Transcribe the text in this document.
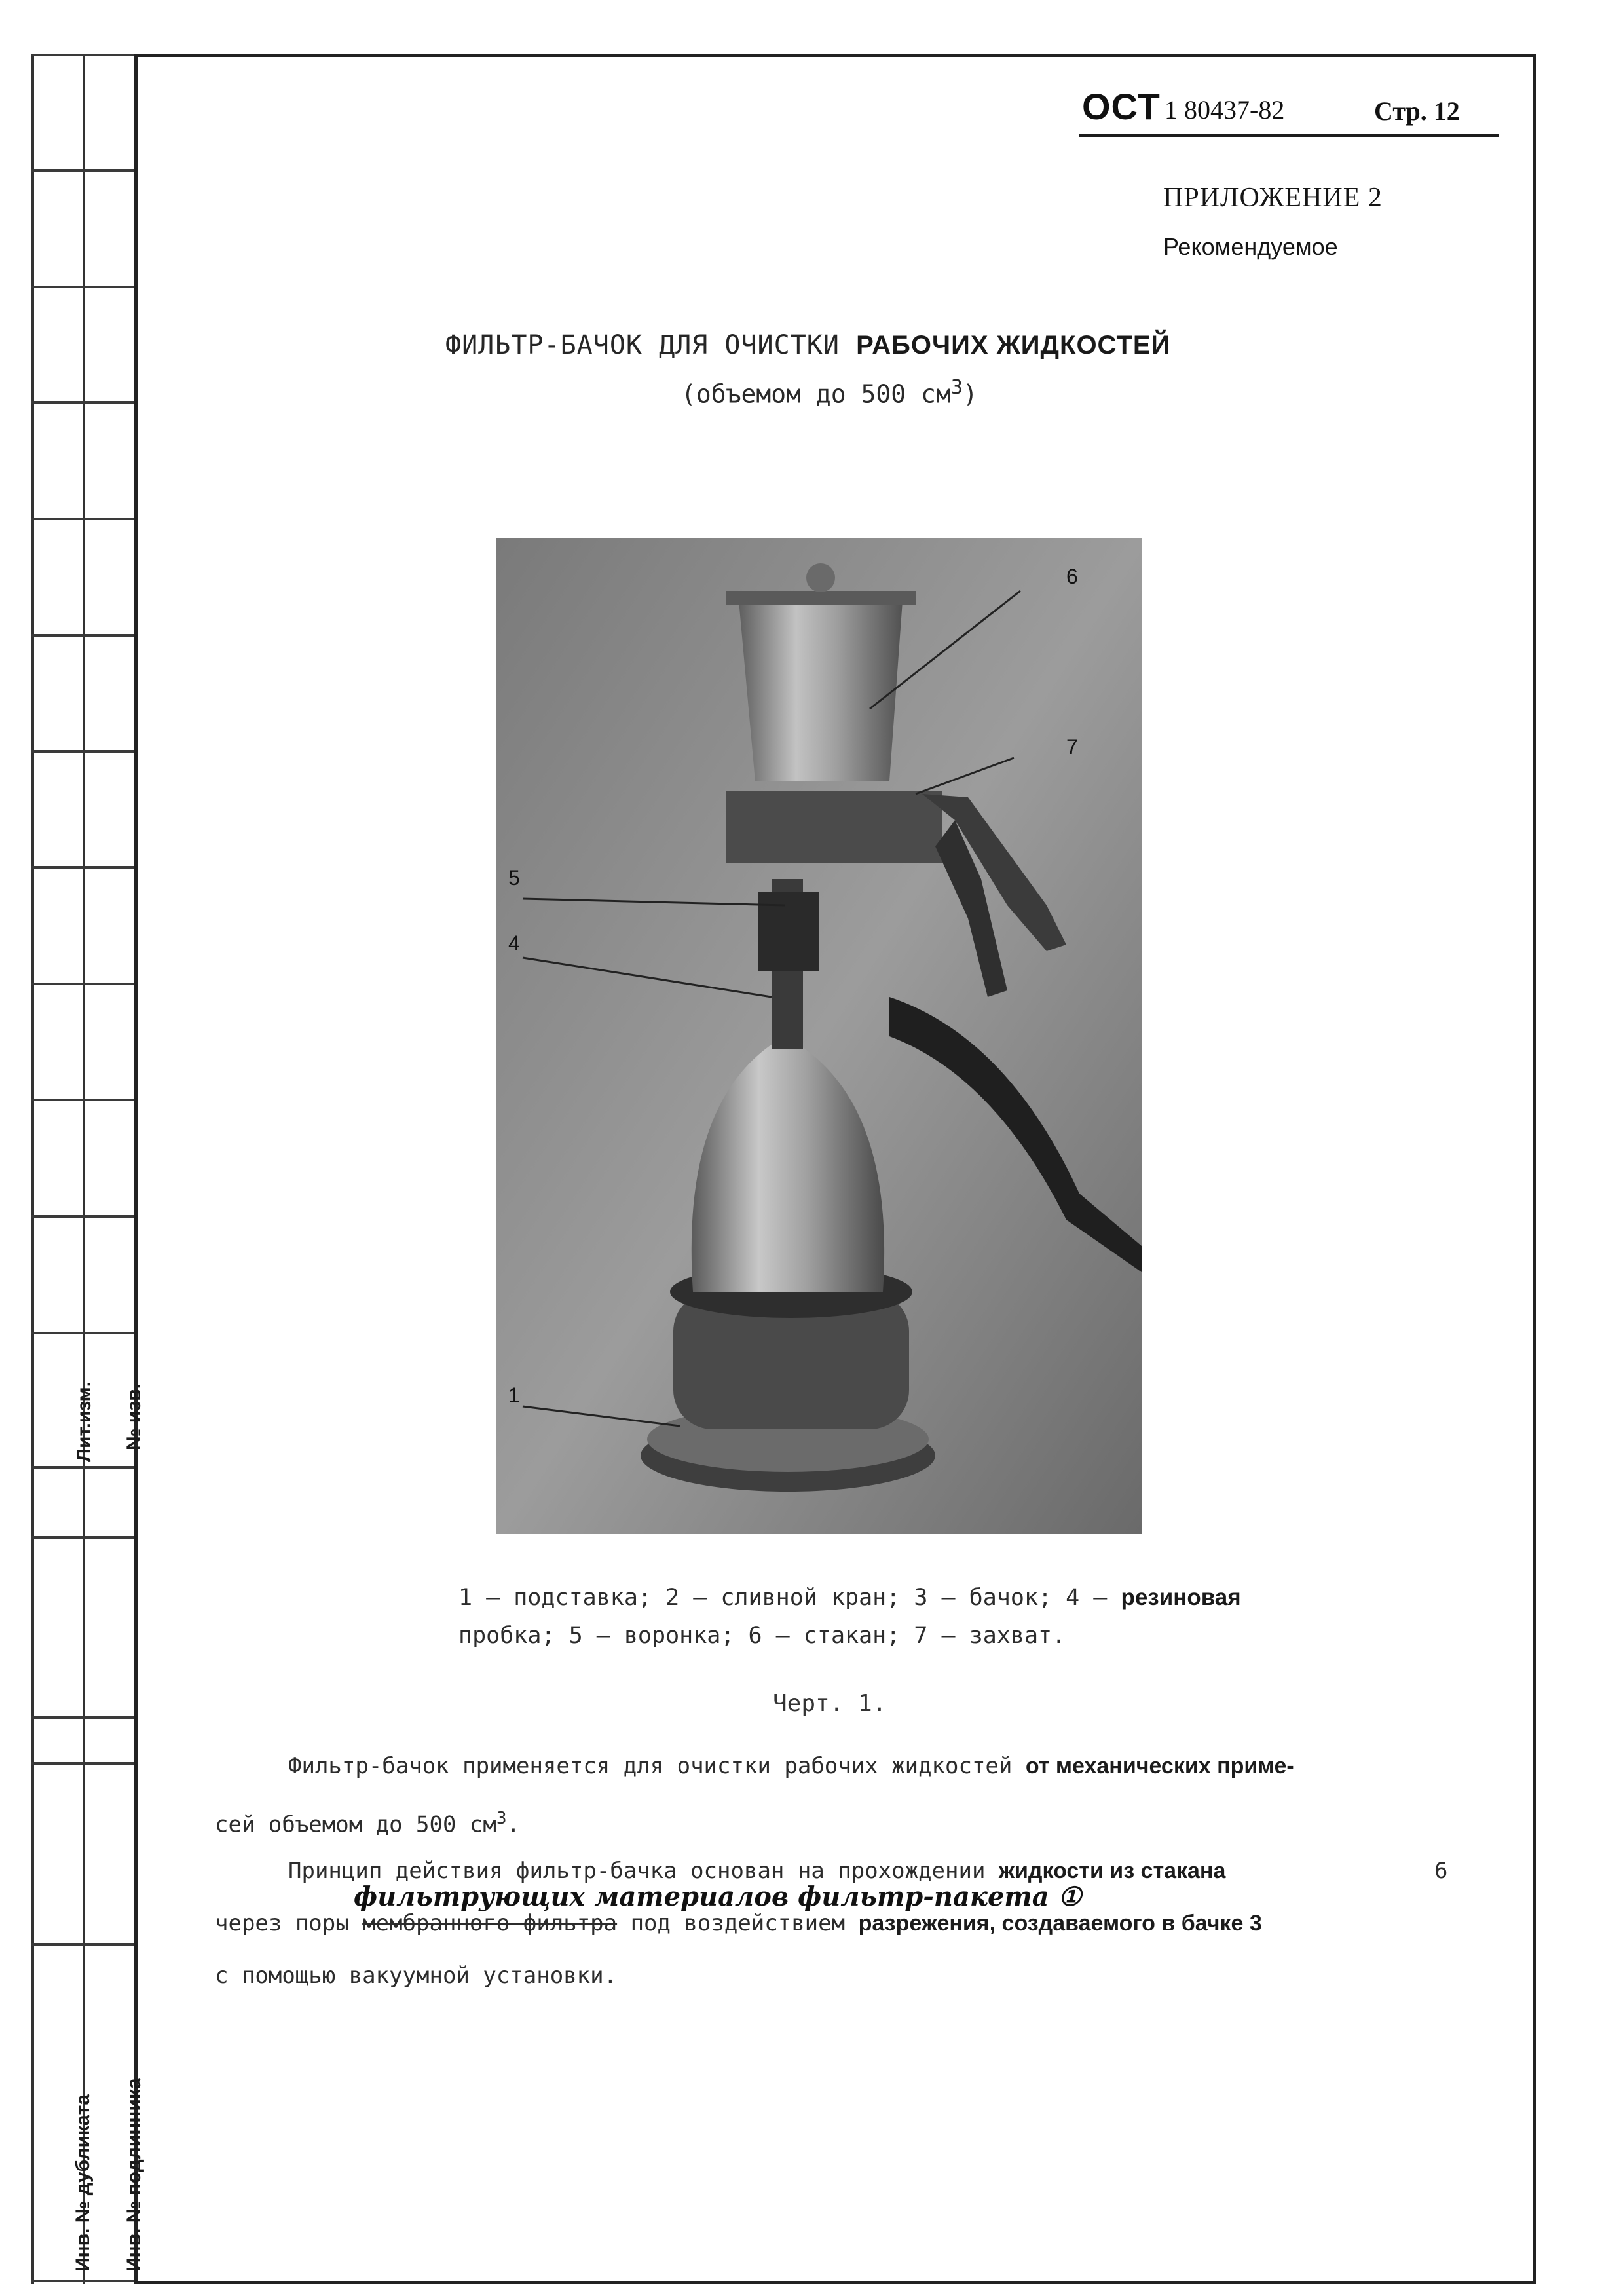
Лит.изм. № изв.
Инв. № дубликата Инв. № подлинника
ОСТ 1 80437-82	Стр. 12
ПРИЛОЖЕНИЕ 2
Рекомендуемое
ФИЛЬТР-БАЧОК ДЛЯ ОЧИСТКИ РАБОЧИХ ЖИДКОСТЕЙ
(объемом до 500 $см^3$)
6
7
5
4
1
1 – подставка; 2 – сливной кран; 3 – бачок; 4 – резиновая
пробка; 5 – воронка; 6 – стакан; 7 – захват.
Черт. 1.
Фильтр-бачок применяется для очистки рабочих жидкостей от механических приме-
сей объемом до 500 $см^3$.
Принцип действия фильтр-бачка основан на прохождении жидкости из стакана	6
фильтрующих материалов фильтр-пакета ①
через поры мембранного фильтра под воздействием разрежения, создаваемого в бачке 3
с помощью вакуумной установки.
